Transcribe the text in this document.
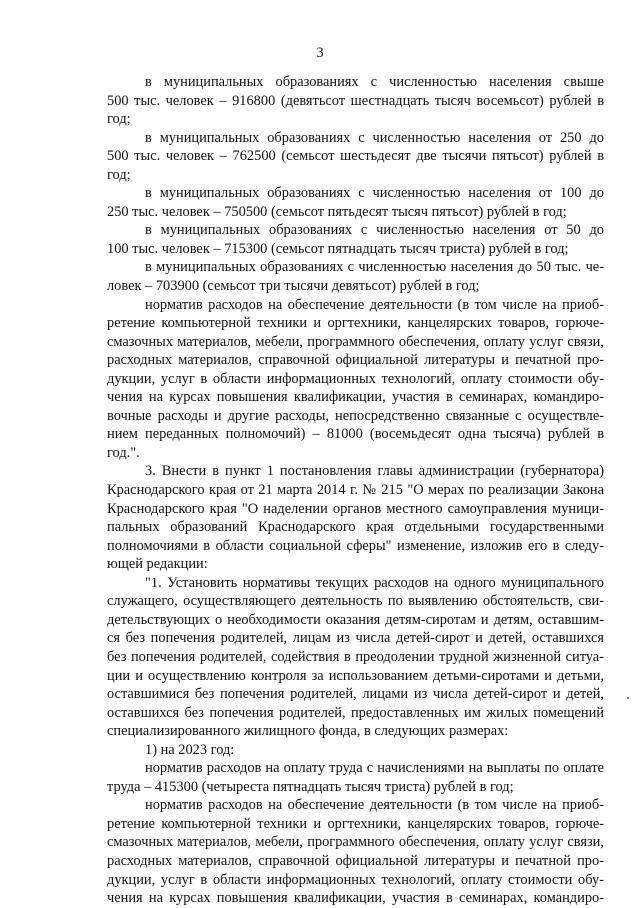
3
в муниципальных образованиях с численностью населения свыше
500 тыс. человек – 916800 (девятьсот шестнадцать тысяч восемьсот) рублей в
год;
в муниципальных образованиях с численностью населения от 250 до
500 тыс. человек – 762500 (семьсот шестьдесят две тысячи пятьсот) рублей в
год;
в муниципальных образованиях с численностью населения от 100 до
250 тыс. человек – 750500 (семьсот пятьдесят тысяч пятьсот) рублей в год;
в муниципальных образованиях с численностью населения от 50 до
100 тыс. человек – 715300 (семьсот пятнадцать тысяч триста) рублей в год;
в муниципальных образованиях с численностью населения до 50 тыс. че-
ловек – 703900 (семьсот три тысячи девятьсот) рублей в год;
норматив расходов на обеспечение деятельности (в том числе на приоб-
ретение компьютерной техники и оргтехники, канцелярских товаров, горюче-
смазочных материалов, мебели, программного обеспечения, оплату услуг связи,
расходных материалов, справочной официальной литературы и печатной про-
дукции, услуг в области информационных технологий, оплату стоимости обу-
чения на курсах повышения квалификации, участия в семинарах, командиро-
вочные расходы и другие расходы, непосредственно связанные с осуществле-
нием переданных полномочий) – 81000 (восемьдесят одна тысяча) рублей в
год.".
3. Внести в пункт 1 постановления главы администрации (губернатора)
Краснодарского края от 21 марта 2014 г. № 215 "О мерах по реализации Закона
Краснодарского края "О наделении органов местного самоуправления муници-
пальных образований Краснодарского края отдельными государственными
полномочиями в области социальной сферы" изменение, изложив его в следу-
ющей редакции:
"1. Установить нормативы текущих расходов на одного муниципального
служащего, осуществляющего деятельность по выявлению обстоятельств, сви-
детельствующих о необходимости оказания детям-сиротам и детям, оставшим-
ся без попечения родителей, лицам из числа детей-сирот и детей, оставшихся
без попечения родителей, содействия в преодолении трудной жизненной ситуа-
ции и осуществлению контроля за использованием детьми-сиротами и детьми,
оставшимися без попечения родителей, лицами из числа детей-сирот и детей,
оставшихся без попечения родителей, предоставленных им жилых помещений
специализированного жилищного фонда, в следующих размерах:
1) на 2023 год:
норматив расходов на оплату труда с начислениями на выплаты по оплате
труда – 415300 (четыреста пятнадцать тысяч триста) рублей в год;
норматив расходов на обеспечение деятельности (в том числе на приоб-
ретение компьютерной техники и оргтехники, канцелярских товаров, горюче-
смазочных материалов, мебели, программного обеспечения, оплату услуг связи,
расходных материалов, справочной официальной литературы и печатной про-
дукции, услуг в области информационных технологий, оплату стоимости обу-
чения на курсах повышения квалификации, участия в семинарах, командиро-
